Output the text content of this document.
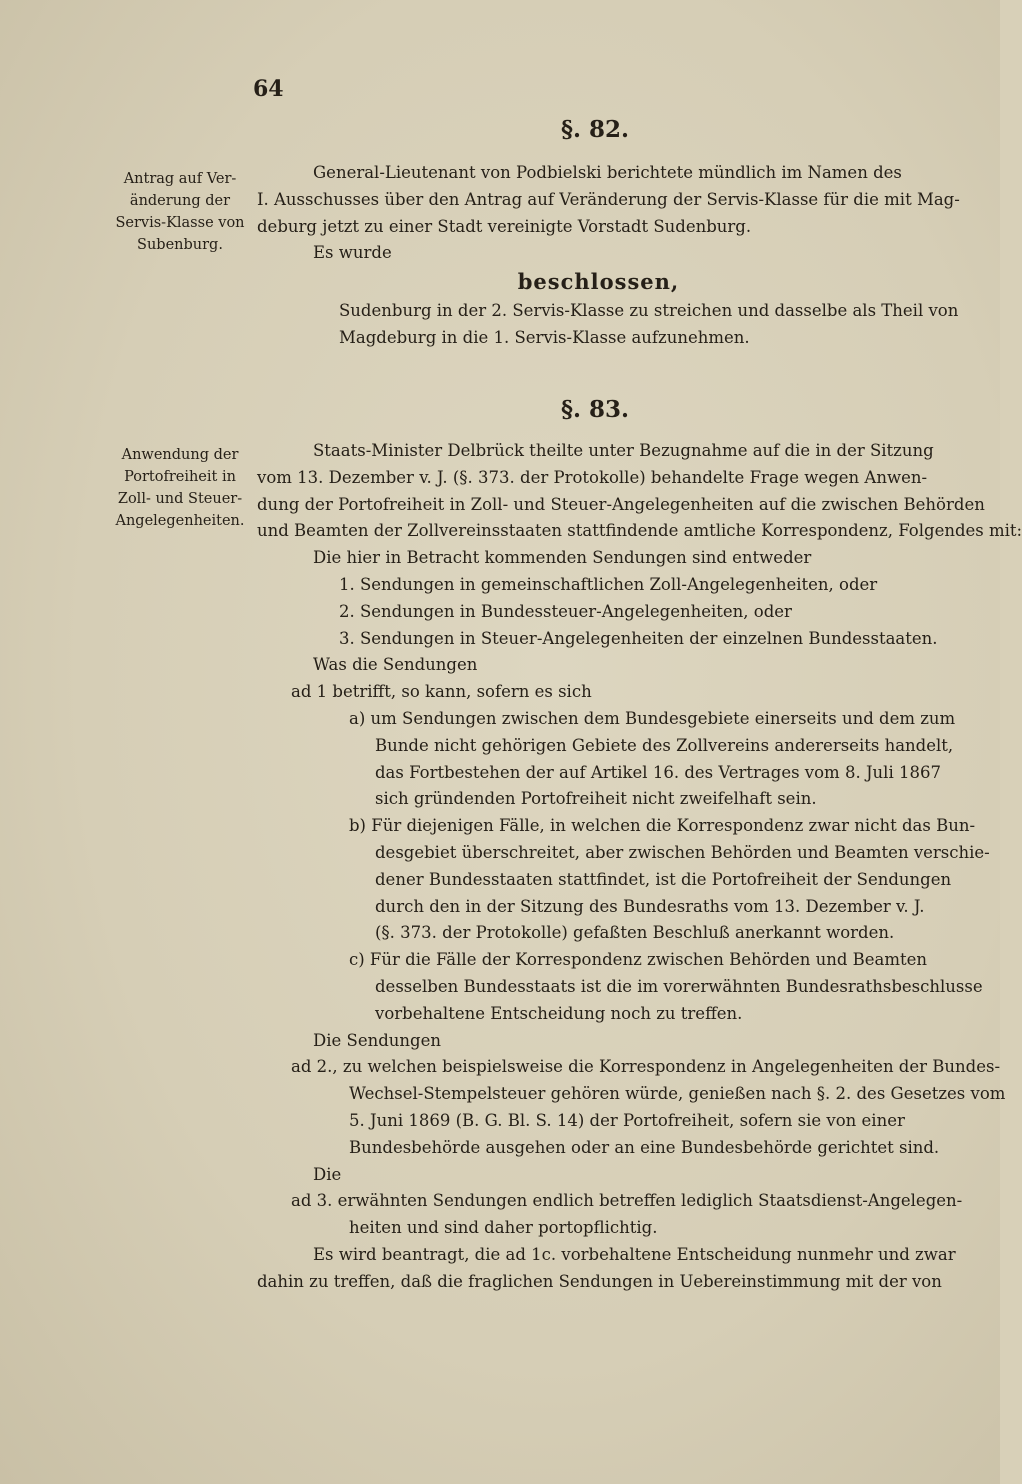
64
§. 82.
Antrag auf Ver-
änderung der
Servis-Klasse von
Subenburg.
General-Lieutenant von Podbielski berichtete mündlich im Namen des
I. Ausschusses über den Antrag auf Veränderung der Servis-Klasse für die mit Mag-
deburg jetzt zu einer Stadt vereinigte Vorstadt Sudenburg.
Es wurde
beschlossen,
Sudenburg in der 2. Servis-Klasse zu streichen und dasselbe als Theil von
Magdeburg in die 1. Servis-Klasse aufzunehmen.
§. 83.
Anwendung der
Portofreiheit in
Zoll- und Steuer-
Angelegenheiten.
Staats-Minister Delbrück theilte unter Bezugnahme auf die in der Sitzung
vom 13. Dezember v. J. (§. 373. der Protokolle) behandelte Frage wegen Anwen-
dung der Portofreiheit in Zoll- und Steuer-Angelegenheiten auf die zwischen Behörden
und Beamten der Zollvereinsstaaten stattfindende amtliche Korrespondenz, Folgendes mit:
Die hier in Betracht kommenden Sendungen sind entweder
1. Sendungen in gemeinschaftlichen Zoll-Angelegenheiten, oder
2. Sendungen in Bundessteuer-Angelegenheiten, oder
3. Sendungen in Steuer-Angelegenheiten der einzelnen Bundesstaaten.
Was die Sendungen
ad 1 betrifft, so kann, sofern es sich
a) um Sendungen zwischen dem Bundesgebiete einerseits und dem zum
Bunde nicht gehörigen Gebiete des Zollvereins andererseits handelt,
das Fortbestehen der auf Artikel 16. des Vertrages vom 8. Juli 1867
sich gründenden Portofreiheit nicht zweifelhaft sein.
b) Für diejenigen Fälle, in welchen die Korrespondenz zwar nicht das Bun-
desgebiet überschreitet, aber zwischen Behörden und Beamten verschie-
dener Bundesstaaten stattfindet, ist die Portofreiheit der Sendungen
durch den in der Sitzung des Bundesraths vom 13. Dezember v. J.
(§. 373. der Protokolle) gefaßten Beschluß anerkannt worden.
c) Für die Fälle der Korrespondenz zwischen Behörden und Beamten
desselben Bundesstaats ist die im vorerwähnten Bundesrathsbeschlusse
vorbehaltene Entscheidung noch zu treffen.
Die Sendungen
ad 2., zu welchen beispielsweise die Korrespondenz in Angelegenheiten der Bundes-
Wechsel-Stempelsteuer gehören würde, genießen nach §. 2. des Gesetzes vom
5. Juni 1869 (B. G. Bl. S. 14) der Portofreiheit, sofern sie von einer
Bundesbehörde ausgehen oder an eine Bundesbehörde gerichtet sind.
Die
ad 3. erwähnten Sendungen endlich betreffen lediglich Staatsdienst-Angelegen-
heiten und sind daher portopflichtig.
Es wird beantragt, die ad 1c. vorbehaltene Entscheidung nunmehr und zwar
dahin zu treffen, daß die fraglichen Sendungen in Uebereinstimmung mit der von
